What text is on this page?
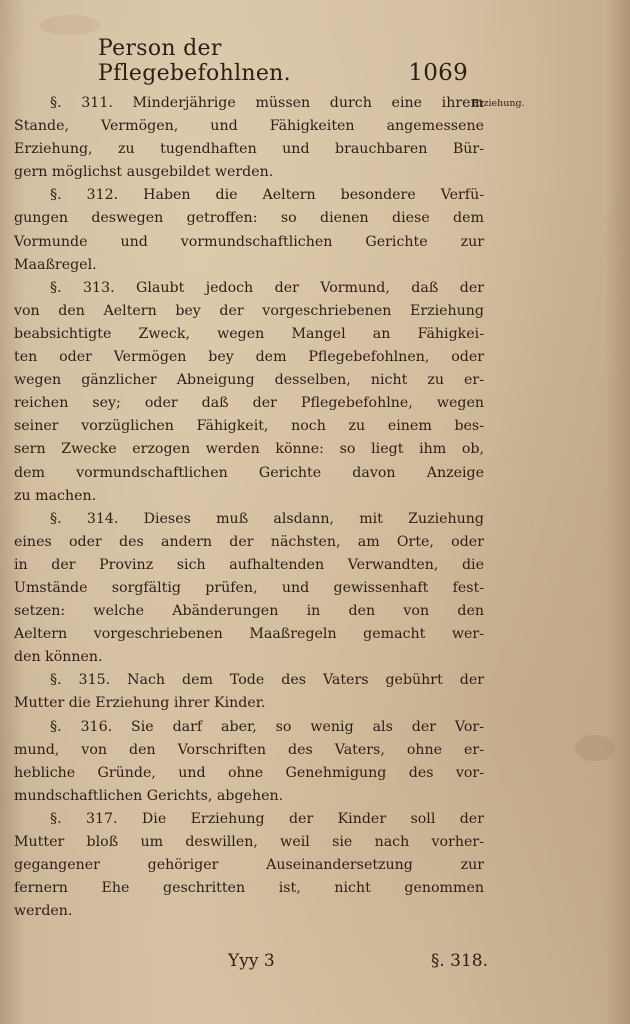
Person der Pflegebefohlnen.	1069
Erziehung.
§. 311. Minderjährige müssen durch eine ihrem
Stande, Vermögen, und Fähigkeiten angemessene
Erziehung, zu tugendhaften und brauchbaren Bür-
gern möglichst ausgebildet werden.
§. 312. Haben die Aeltern besondere Verfü-
gungen deswegen getroffen: so dienen diese dem
Vormunde und vormundschaftlichen Gerichte zur
Maaßregel.
§. 313. Glaubt jedoch der Vormund, daß der
von den Aeltern bey der vorgeschriebenen Erziehung
beabsichtigte Zweck, wegen Mangel an Fähigkei-
ten oder Vermögen bey dem Pflegebefohlnen, oder
wegen gänzlicher Abneigung desselben, nicht zu er-
reichen sey; oder daß der Pflegebefohlne, wegen
seiner vorzüglichen Fähigkeit, noch zu einem bes-
sern Zwecke erzogen werden könne: so liegt ihm ob,
dem vormundschaftlichen Gerichte davon Anzeige
zu machen.
§. 314. Dieses muß alsdann, mit Zuziehung
eines oder des andern der nächsten, am Orte, oder
in der Provinz sich aufhaltenden Verwandten, die
Umstände sorgfältig prüfen, und gewissenhaft fest-
setzen: welche Abänderungen in den von den
Aeltern vorgeschriebenen Maaßregeln gemacht wer-
den können.
§. 315. Nach dem Tode des Vaters gebührt der
Mutter die Erziehung ihrer Kinder.
§. 316. Sie darf aber, so wenig als der Vor-
mund, von den Vorschriften des Vaters, ohne er-
hebliche Gründe, und ohne Genehmigung des vor-
mundschaftlichen Gerichts, abgehen.
§. 317. Die Erziehung der Kinder soll der
Mutter bloß um deswillen, weil sie nach vorher-
gegangener gehöriger Auseinandersetzung zur
fernern Ehe geschritten ist, nicht genommen
werden.
Yyy 3	§. 318.
